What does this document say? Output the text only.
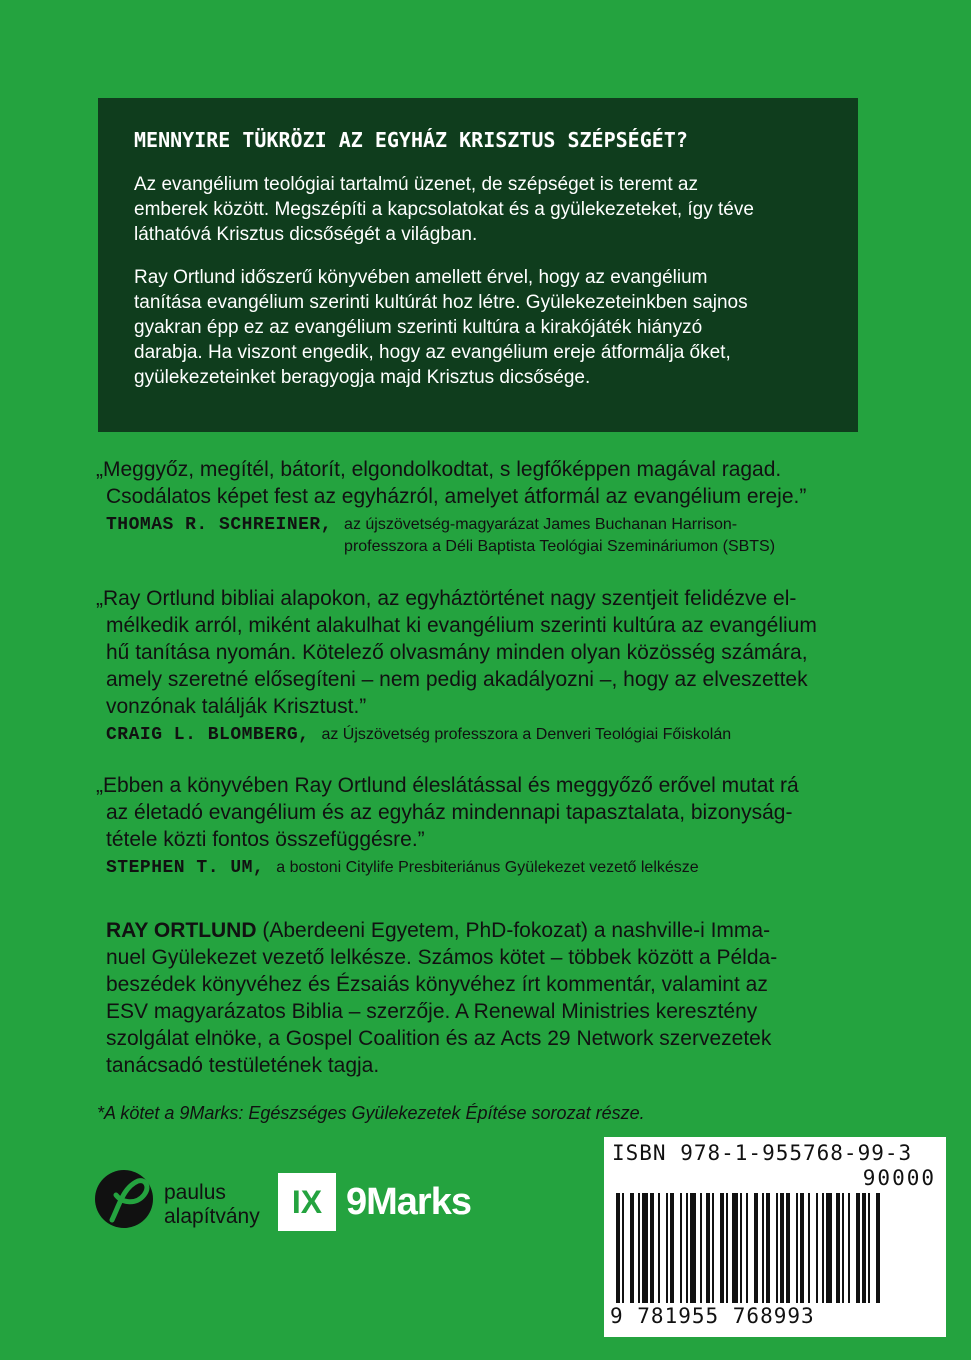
MENNYIRE TÜKRÖZI AZ EGYHÁZ KRISZTUS SZÉPSÉGÉT?

Az evangélium teológiai tartalmú üzenet, de szépséget is teremt az
emberek között. Megszépíti a kapcsolatokat és a gyülekezeteket, így téve
láthatóvá Krisztus dicsőségét a világban.

Ray Ortlund időszerű könyvében amellett érvel, hogy az evangélium
tanítása evangélium szerinti kultúrát hoz létre. Gyülekezeteinkben sajnos
gyakran épp ez az evangélium szerinti kultúra a kirakójáték hiányzó
darabja. Ha viszont engedik, hogy az evangélium ereje átformálja őket,
gyülekezeteinket beragyogja majd Krisztus dicsősége.

„Meggyőz, megítél, bátorít, elgondolkodtat, s legfőképpen magával ragad.

Csodálatos képet fest az egyházról, amelyet átformál az evangélium ereje.”

THOMAS R. SCHREINER, az újszövetség-magyarázat James Buchanan Harrison-
professzora a Déli Baptista Teológiai Szemináriumon (SBTS)

„Ray Ortlund bibliai alapokon, az egyháztörténet nagy szentjeit felidézve el-

mélkedik arról, miként alakulhat ki evangélium szerinti kultúra az evangélium
hű tanítása nyomán. Kötelező olvasmány minden olyan közösség számára,
amely szeretné elősegíteni – nem pedig akadályozni –, hogy az elveszettek
vonzónak találják Krisztust.”

CRAIG L. BLOMBERG, az Újszövetség professzora a Denveri Teológiai Főiskolán

„Ebben a könyvében Ray Ortlund éleslátással és meggyőző erővel mutat rá

az életadó evangélium és az egyház mindennapi tapasztalata, bizonyság-
tétele közti fontos összefüggésre.”

STEPHEN T. UM, a bostoni Citylife Presbiteriánus Gyülekezet vezető lelkésze

RAY ORTLUND (Aberdeeni Egyetem, PhD-fokozat) a nashville-i Imma-
nuel Gyülekezet vezető lelkésze. Számos kötet – többek között a Példa-
beszédek könyvéhez és Ézsaiás könyvéhez írt kommentár, valamint az
ESV magyarázatos Biblia – szerzője. A Renewal Ministries keresztény
szolgálat elnöke, a Gospel Coalition és az Acts 29 Network szervezetek
tanácsadó testületének tagja.

*A kötet a 9Marks: Egészséges Gyülekezetek Építése sorozat része.
paulus
alapítvány	IX 9Marks
ISBN 978-1-955768-99-3
90000
9 781955 768993
